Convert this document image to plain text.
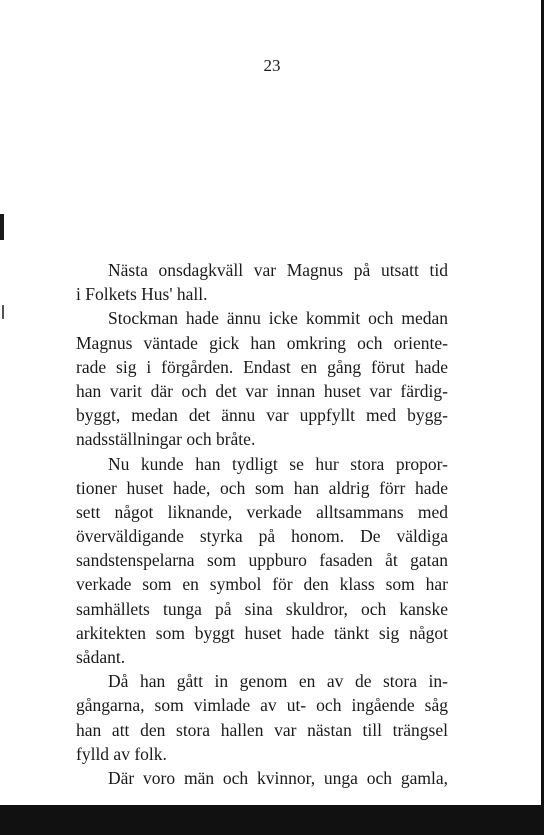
23
Nästa onsdagkväll var Magnus på utsatt tid
i Folkets Hus' hall.
Stockman hade ännu icke kommit och medan
Magnus väntade gick han omkring och oriente-
rade sig i förgården. Endast en gång förut hade
han varit där och det var innan huset var färdig-
byggt, medan det ännu var uppfyllt med bygg-
nadsställningar och bråte.
Nu kunde han tydligt se hur stora propor-
tioner huset hade, och som han aldrig förr hade
sett något liknande, verkade alltsammans med
överväldigande styrka på honom. De väldiga
sandstenspelarna som uppburo fasaden åt gatan
verkade som en symbol för den klass som har
samhällets tunga på sina skuldror, och kanske
arkitekten som byggt huset hade tänkt sig något
sådant.
Då han gått in genom en av de stora in-
gångarna, som vimlade av ut- och ingående såg
han att den stora hallen var nästan till trängsel
fylld av folk.
Där voro män och kvinnor, unga och gamla,
